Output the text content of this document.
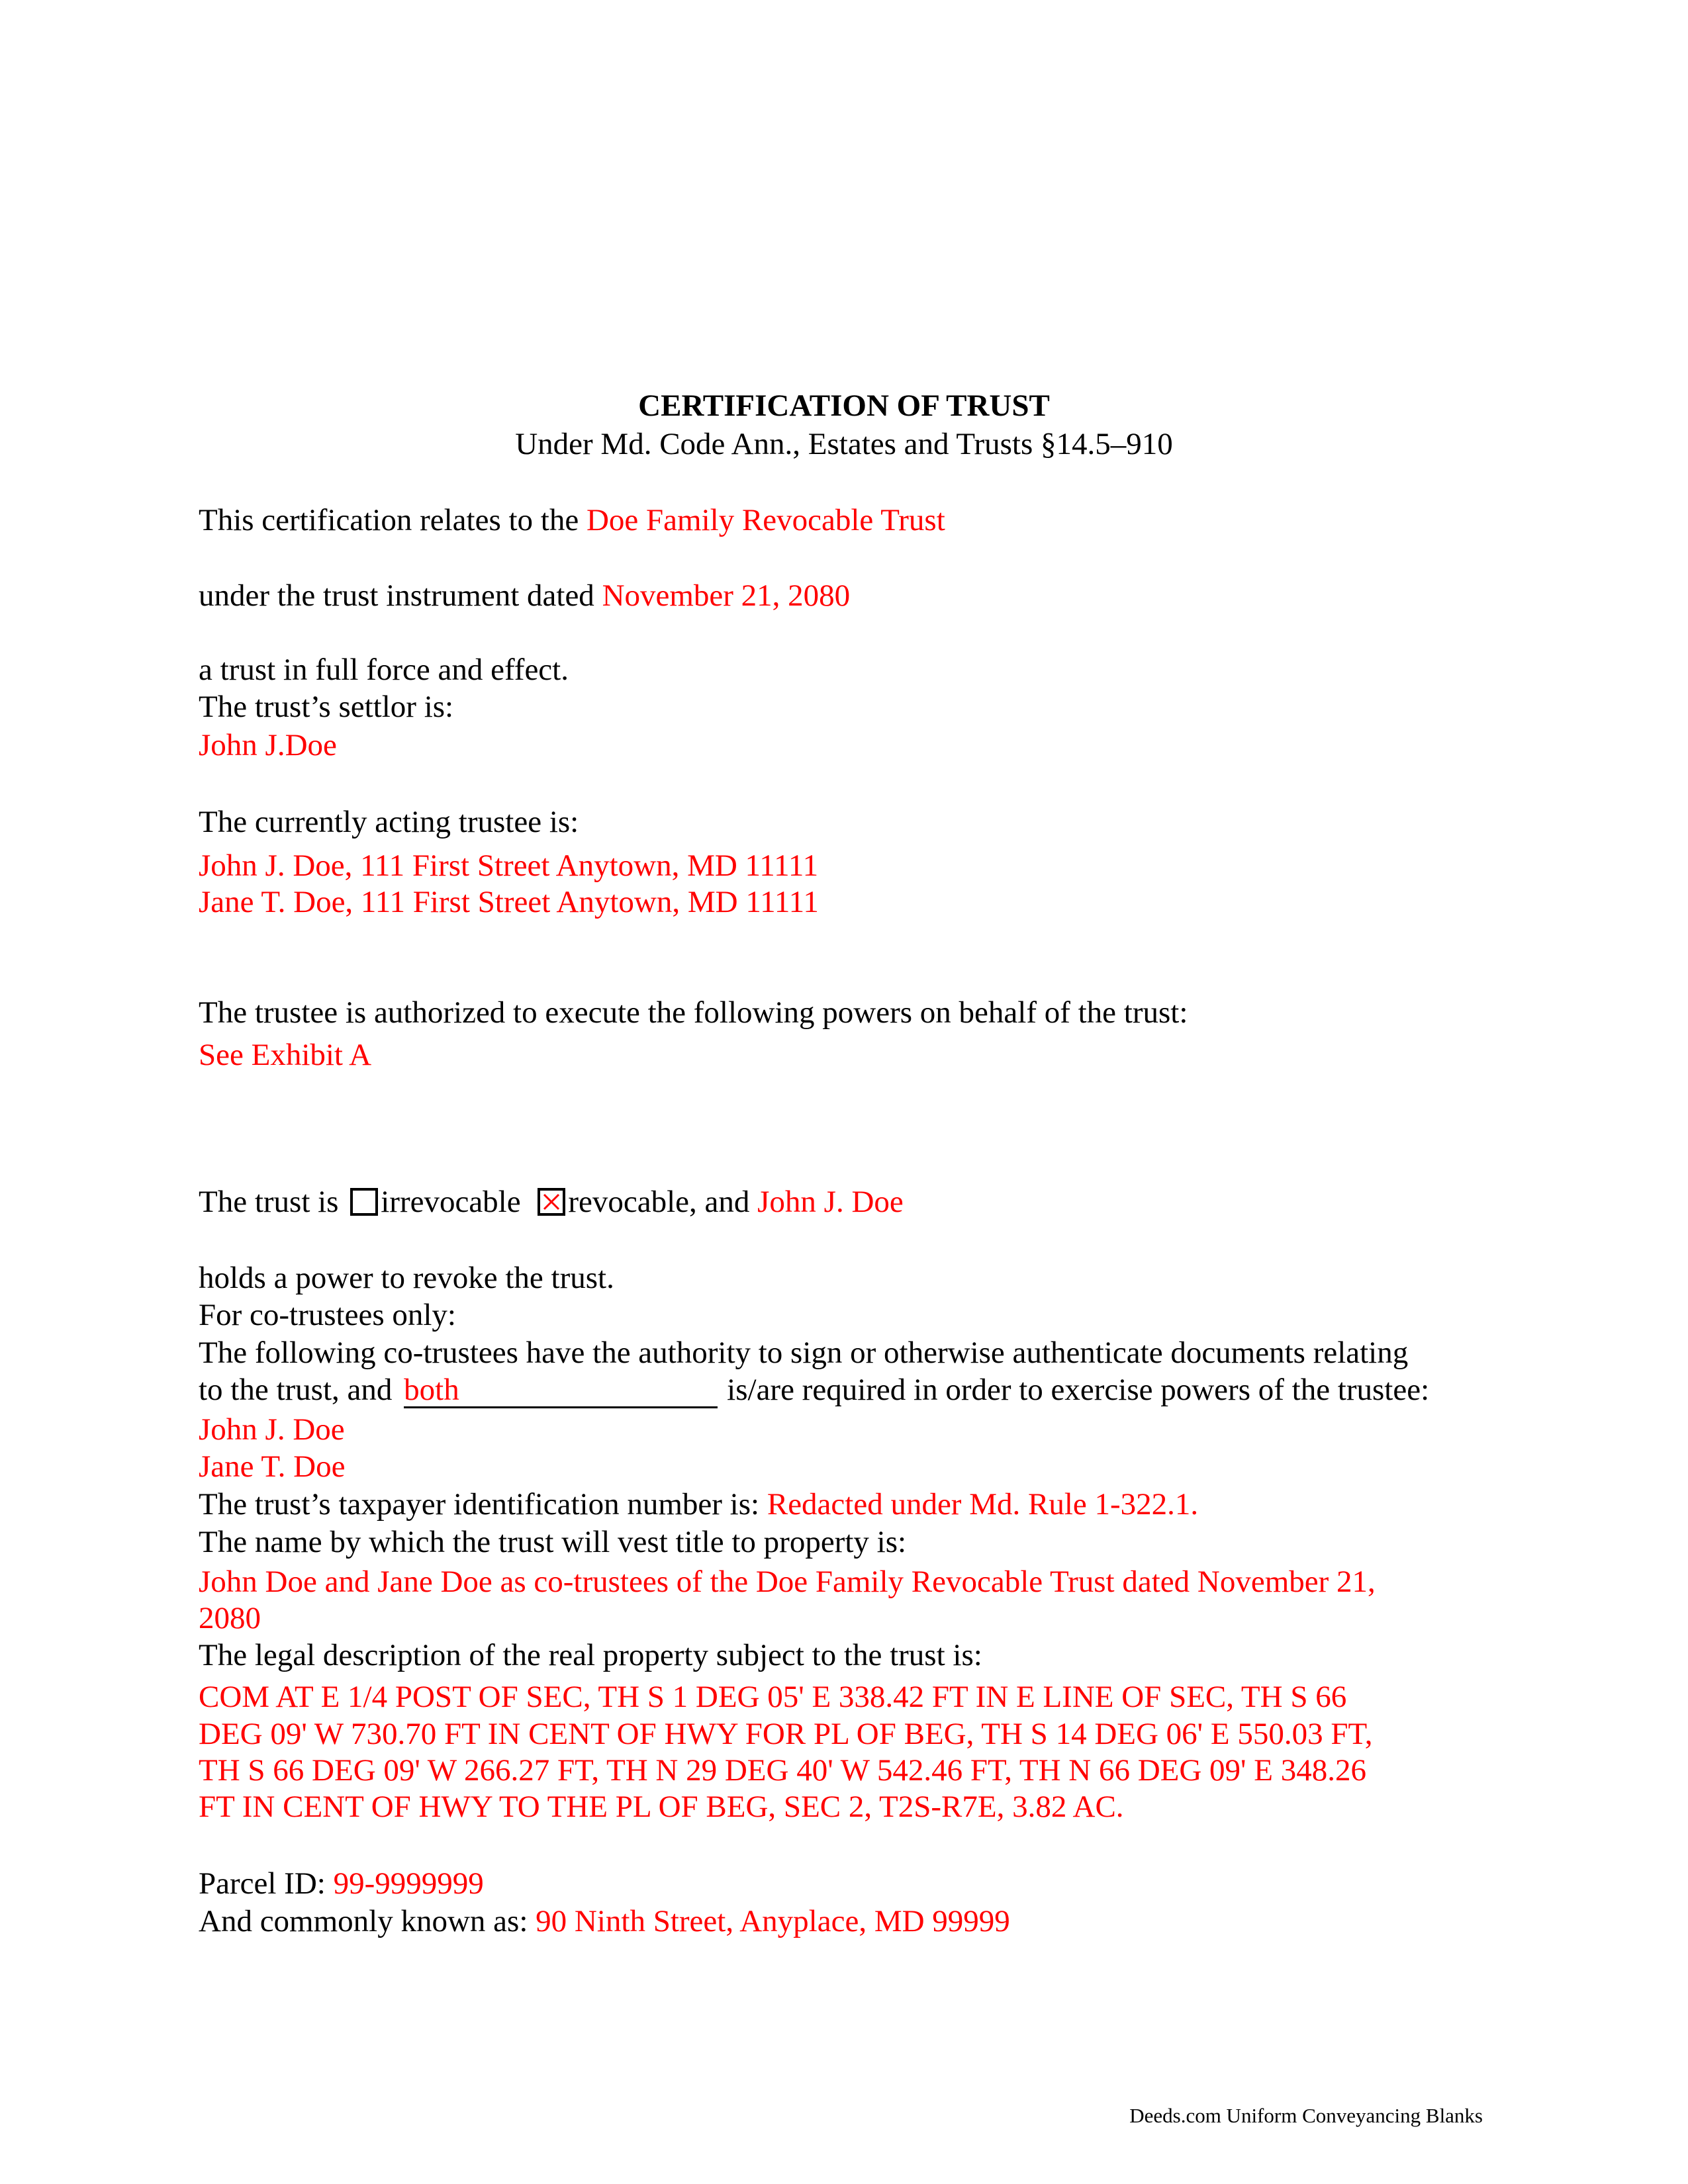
CERTIFICATION OF TRUST
Under Md. Code Ann., Estates and Trusts §14.5–910
This certification relates to the Doe Family Revocable Trust
under the trust instrument dated November 21, 2080
a trust in full force and effect.
The trust’s settlor is:
John J.Doe
The currently acting trustee is:
John J. Doe, 111 First Street Anytown, MD 11111
Jane T. Doe, 111 First Street Anytown, MD 11111
The trustee is authorized to execute the following powers on behalf of the trust:
See Exhibit A
The trust is irrevocable revocable, and John J. Doe
holds a power to revoke the trust.
For co-trustees only:
The following co-trustees have the authority to sign or otherwise authenticate documents relating
to the trust, and both	is/are required in order to exercise powers of the trustee:
John J. Doe
Jane T. Doe
The trust’s taxpayer identification number is: Redacted under Md. Rule 1-322.1.
The name by which the trust will vest title to property is:
John Doe and Jane Doe as co-trustees of the Doe Family Revocable Trust dated November 21,
2080
The legal description of the real property subject to the trust is:
COM AT E 1/4 POST OF SEC, TH S 1 DEG 05' E 338.42 FT IN E LINE OF SEC, TH S 66
DEG 09' W 730.70 FT IN CENT OF HWY FOR PL OF BEG, TH S 14 DEG 06' E 550.03 FT,
TH S 66 DEG 09' W 266.27 FT, TH N 29 DEG 40' W 542.46 FT, TH N 66 DEG 09' E 348.26
FT IN CENT OF HWY TO THE PL OF BEG, SEC 2, T2S-R7E, 3.82 AC.
Parcel ID: 99-9999999
And commonly known as: 90 Ninth Street, Anyplace, MD 99999
Deeds.com Uniform Conveyancing Blanks
